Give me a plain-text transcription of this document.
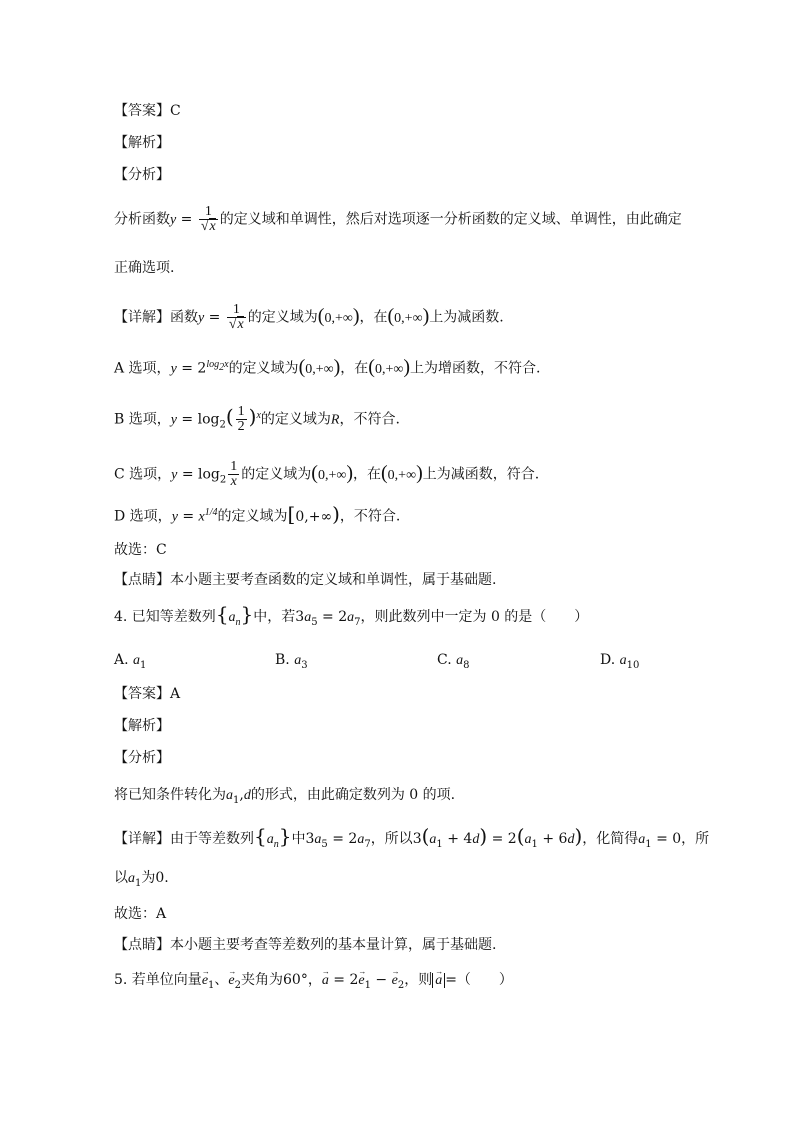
【答案】C
【解析】
【分析】
分析函数$y = \frac{1}{√x}$ 的定义域和单调性，然后对选项逐一分析函数的定义域、单调性，由此确定
正确选项.
【详解】函数$y = \frac{1}{√x}$ 的定义域为(0,+∞)，在(0,+∞)上为减函数.
A 选项，$y = 2^{log_2x}$的定义域为(0,+∞)，在(0,+∞)上为增函数，不符合.
B 选项，$y = \log_2( \frac{1}{2} )^x$的定义域为R，不符合.
C 选项，$y = \log_2 \frac{1}{x}$ 的定义域为(0,+∞)，在(0,+∞)上为减函数，符合.
D 选项，$y = x^{1/4}$的定义域为[0,+∞)，不符合.
故选：C
【点睛】本小题主要考查函数的定义域和单调性，属于基础题.
4. 已知等差数列$\{a_n\}$中，若$3a_5 = 2a_7$，则此数列中一定为 0 的是（　　）
A. $a_1$	B. $a_3$	C. $a_8$	D. $a_{10}$
【答案】A
【解析】
【分析】
将已知条件转化为$a_1,d$的形式，由此确定数列为 0 的项.
【详解】由于等差数列$\{a_n\}$中$3a_5 = 2a_7$，所以$3(a_1 + 4d) = 2(a_1 + 6d)$，化简得$a_1 = 0$，所
以$a_1$为0.
故选：A
【点睛】本小题主要考查等差数列的基本量计算，属于基础题.
5. 若单位向量→ $e_1$、→ $e_2$夹角为60°，→ $a = 2\to e_1$ − → $e_2$，则→ a =（　　）
